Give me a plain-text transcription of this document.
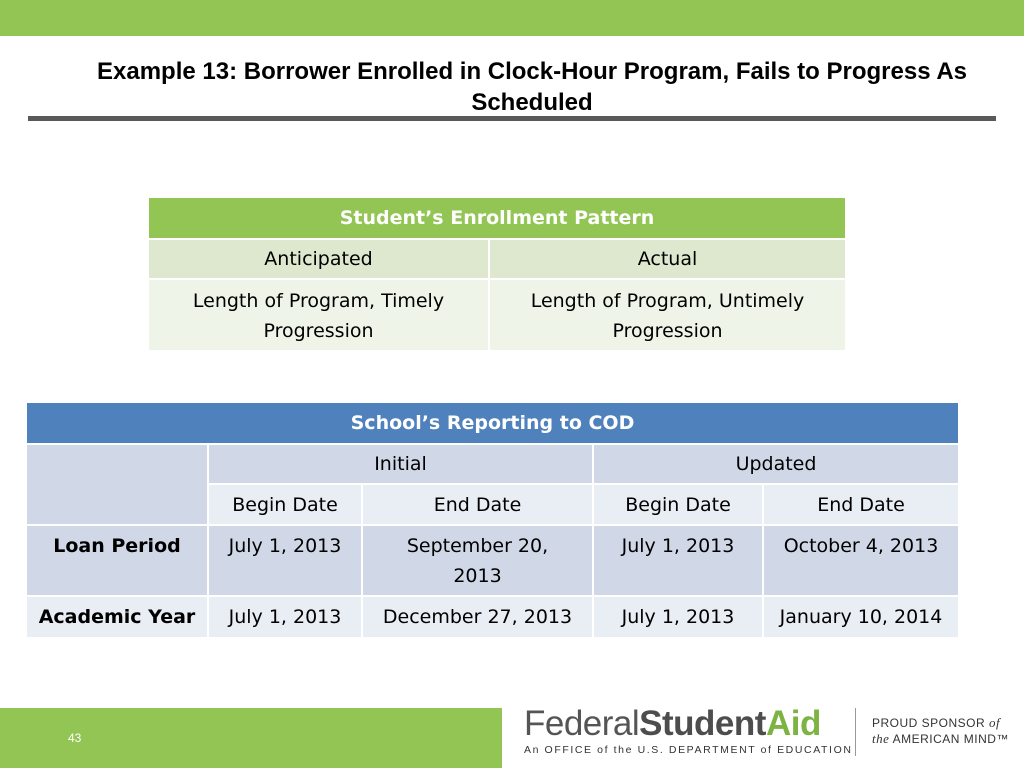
Example 13: Borrower Enrolled in Clock-Hour Program, Fails to Progress As Scheduled
Student’s Enrollment Pattern	
Anticipated	Actual
Length of Program, Timely Progression	Length of Program, Untimely Progression
School’s Reporting to COD				
	Initial		Updated	
	Begin Date	End Date	Begin Date	End Date
Loan Period	July 1, 2013	September 20, 2013	July 1, 2013	October 4, 2013
Academic Year	July 1, 2013	December 27, 2013	July 1, 2013	January 10, 2014
43	FederalStudentAid
An OFFICE of the U.S. DEPARTMENT of EDUCATION
PROUD SPONSOR of
the AMERICAN MIND™
